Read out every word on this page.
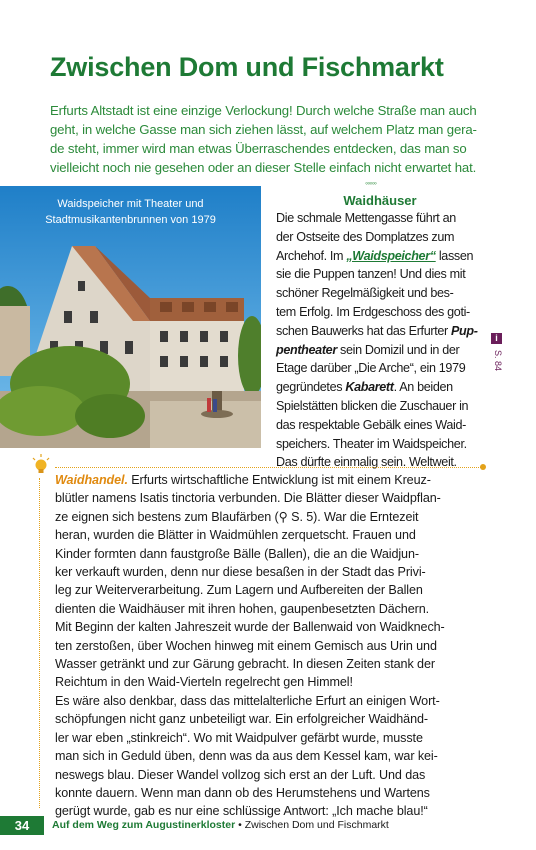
Zwischen Dom und Fischmarkt
Erfurts Altstadt ist eine einzige Verlockung! Durch welche Straße man auch
geht, in welche Gasse man sich ziehen lässt, auf welchem Platz man gera-
de steht, immer wird man etwas Überraschendes entdecken, das man so
vielleicht noch nie gesehen oder an dieser Stelle einfach nicht erwartet hat.
◦◦◦◦◦
Waidspeicher mit Theater und
Stadtmusikantenbrunnen von 1979
Waidhäuser
Die schmale Mettengasse führt an
der Ostseite des Domplatzes zum
Archehof. Im „Waidspeicher“ lassen
sie die Puppen tanzen! Und dies mit
schöner Regelmäßigkeit und bes-
tem Erfolg. Im Erdgeschoss des goti-
schen Bauwerks hat das Erfurter Pup-
pentheater sein Domizil und in der
Etage darüber „Die Arche“, ein 1979
gegründetes Kabarett. An beiden
Spielstätten blicken die Zuschauer in
das respektable Gebälk eines Waid-
speichers. Theater im Waidspeicher.
Das dürfte einmalig sein. Weltweit.
i
S. 84
Waidhandel. Erfurts wirtschaftliche Entwicklung ist mit einem Kreuz-
blütler namens Isatis tinctoria verbunden. Die Blätter dieser Waidpflan-
ze eignen sich bestens zum Blaufärben (⚲ S. 5). War die Erntezeit
heran, wurden die Blätter in Waidmühlen zerquetscht. Frauen und
Kinder formten dann faustgroße Bälle (Ballen), die an die Waidjun-
ker verkauft wurden, denn nur diese besaßen in der Stadt das Privi-
leg zur Weiterverarbeitung. Zum Lagern und Aufbereiten der Ballen
dienten die Waidhäuser mit ihren hohen, gaupenbesetzten Dächern.
Mit Beginn der kalten Jahreszeit wurde der Ballenwaid von Waidknech-
ten zerstoßen, über Wochen hinweg mit einem Gemisch aus Urin und
Wasser getränkt und zur Gärung gebracht. In diesen Zeiten stank der
Reichtum in den Waid-Vierteln regelrecht gen Himmel!
Es wäre also denkbar, dass das mittelalterliche Erfurt an einigen Wort-
schöpfungen nicht ganz unbeteiligt war. Ein erfolgreicher Waidhänd-
ler war eben „stinkreich“. Wo mit Waidpulver gefärbt wurde, musste
man sich in Geduld üben, denn was da aus dem Kessel kam, war kei-
neswegs blau. Dieser Wandel vollzog sich erst an der Luft. Und das
konnte dauern. Wenn man dann ob des Herumstehens und Wartens
gerügt wurde, gab es nur eine schlüssige Antwort: „Ich mache blau!“
34	Auf dem Weg zum Augustinerkloster • Zwischen Dom und Fischmarkt
